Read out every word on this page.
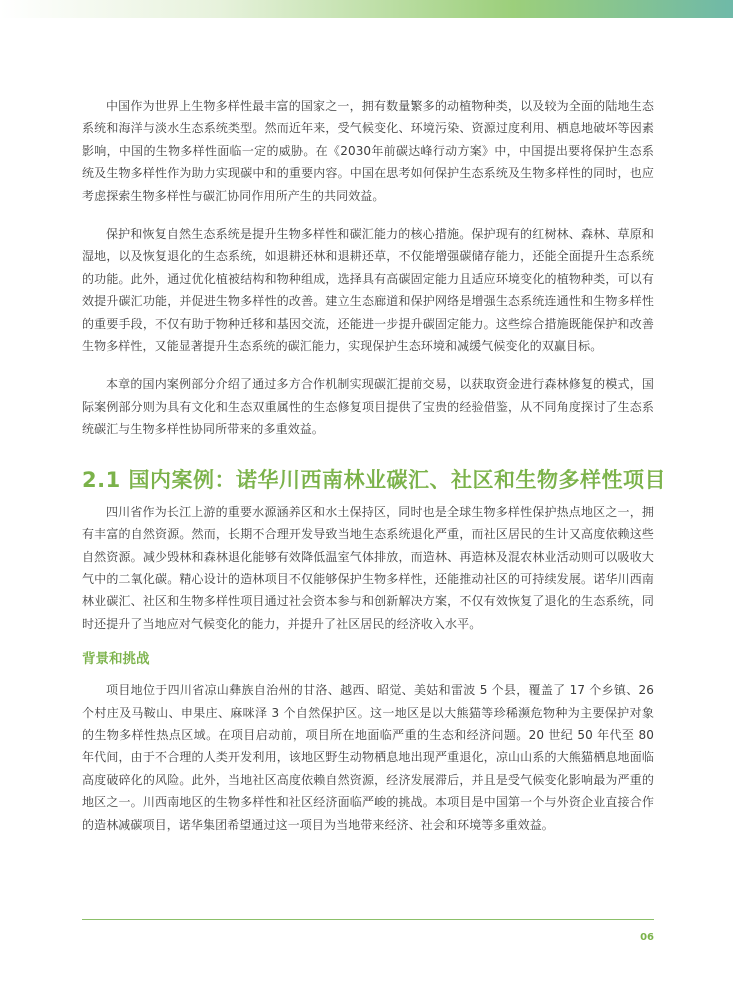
中国作为世界上生物多样性最丰富的国家之一，拥有数量繁多的动植物种类，以及较为全面的陆地生态系统和海洋与淡水生态系统类型。然而近年来，受气候变化、环境污染、资源过度利用、栖息地破坏等因素影响，中国的生物多样性面临一定的威胁。在《2030年前碳达峰行动方案》中，中国提出要将保护生态系统及生物多样性作为助力实现碳中和的重要内容。中国在思考如何保护生态系统及生物多样性的同时，也应考虑探索生物多样性与碳汇协同作用所产生的共同效益。

保护和恢复自然生态系统是提升生物多样性和碳汇能力的核心措施。保护现有的红树林、森林、草原和湿地，以及恢复退化的生态系统，如退耕还林和退耕还草，不仅能增强碳储存能力，还能全面提升生态系统的功能。此外，通过优化植被结构和物种组成，选择具有高碳固定能力且适应环境变化的植物种类，可以有效提升碳汇功能，并促进生物多样性的改善。建立生态廊道和保护网络是增强生态系统连通性和生物多样性的重要手段，不仅有助于物种迁移和基因交流，还能进一步提升碳固定能力。这些综合措施既能保护和改善生物多样性，又能显著提升生态系统的碳汇能力，实现保护生态环境和减缓气候变化的双赢目标。

本章的国内案例部分介绍了通过多方合作机制实现碳汇提前交易，以获取资金进行森林修复的模式，国际案例部分则为具有文化和生态双重属性的生态修复项目提供了宝贵的经验借鉴，从不同角度探讨了生态系统碳汇与生物多样性协同所带来的多重效益。

2.1 国内案例：诺华川西南林业碳汇、社区和生物多样性项目

四川省作为长江上游的重要水源涵养区和水土保持区，同时也是全球生物多样性保护热点地区之一，拥有丰富的自然资源。然而，长期不合理开发导致当地生态系统退化严重，而社区居民的生计又高度依赖这些自然资源。减少毁林和森林退化能够有效降低温室气体排放，而造林、再造林及混农林业活动则可以吸收大气中的二氧化碳。精心设计的造林项目不仅能够保护生物多样性，还能推动社区的可持续发展。诺华川西南林业碳汇、社区和生物多样性项目通过社会资本参与和创新解决方案，不仅有效恢复了退化的生态系统，同时还提升了当地应对气候变化的能力，并提升了社区居民的经济收入水平。

背景和挑战

项目地位于四川省凉山彝族自治州的甘洛、越西、昭觉、美姑和雷波 5 个县，覆盖了 17 个乡镇、26 个村庄及马鞍山、申果庄、麻咪泽 3 个自然保护区。这一地区是以大熊猫等珍稀濒危物种为主要保护对象的生物多样性热点区域。在项目启动前，项目所在地面临严重的生态和经济问题。20 世纪 50 年代至 80 年代间，由于不合理的人类开发利用，该地区野生动物栖息地出现严重退化，凉山山系的大熊猫栖息地面临高度破碎化的风险。此外，当地社区高度依赖自然资源，经济发展滞后，并且是受气候变化影响最为严重的地区之一。川西南地区的生物多样性和社区经济面临严峻的挑战。本项目是中国第一个与外资企业直接合作的造林减碳项目，诺华集团希望通过这一项目为当地带来经济、社会和环境等多重效益。

06
